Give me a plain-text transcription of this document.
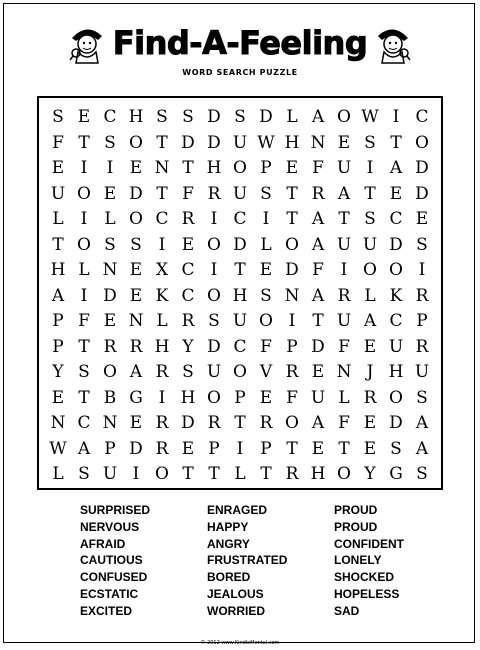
Find-A-Feeling
WORD SEARCH PUZZLE
S E C H S S D S D L A O W I C
F T S O T D D U W H N E S T O
E I	I E N T H O P E F U I A D
U O E D T F R U S T R A T E D
L	I L O C R I C I T A T S C E
T O S S I E O D L O A U U D S
H L N E X C I T E D F I O O I
A I D E K C O H S N A R L K R
P F E N L R S U O I T U A C P
P T R R H Y D C F P D F E U R
Y S O A R S U O V R E N J H U
E T B G I H O P E F U L R O S
N C N E R D R T R O A F E D A
W A P D R E P I P T E T E S A
L S U I O T T L T R H O Y G S
SURPRISED
NERVOUS
AFRAID
CAUTIOUS
CONFUSED
ECSTATIC
EXCITED
ENRAGED
HAPPY
ANGRY
FRUSTRATED
BORED
JEALOUS
WORRIED
PROUD
PROUD
CONFIDENT
LONELY
SHOCKED
HOPELESS
SAD
© 2012 www.KindleMental.com
